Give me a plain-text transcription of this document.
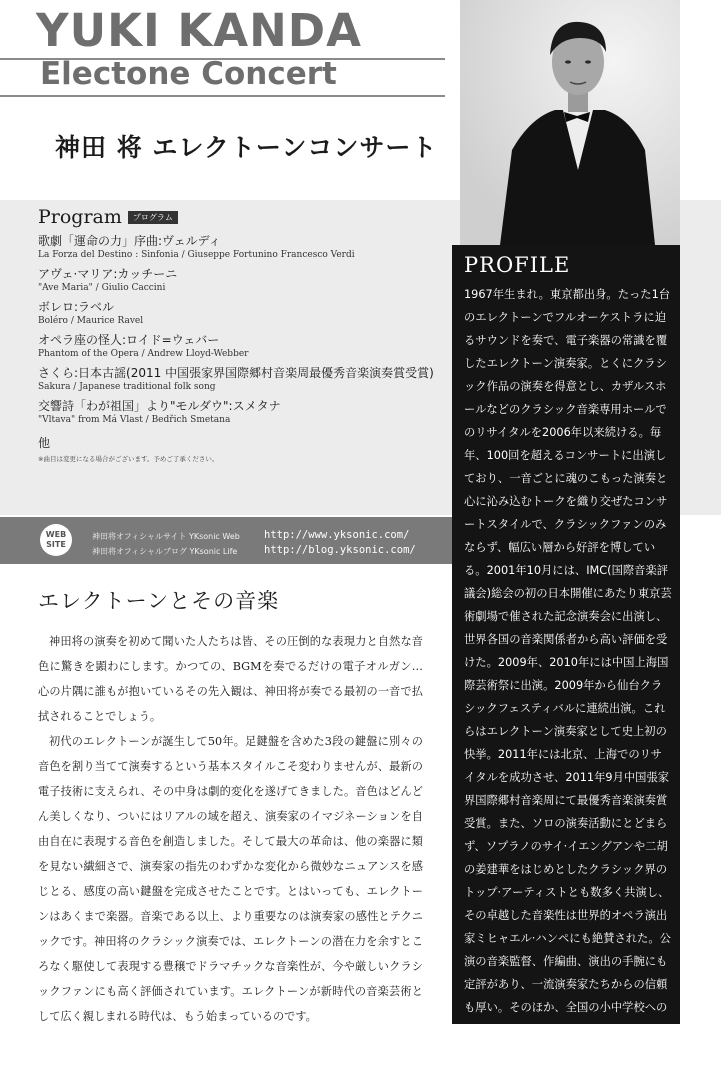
YUKI KANDA
Electone Concert
神田 将 エレクトーンコンサート
Program	プログラム
歌劇「運命の力」序曲:ヴェルディ
La Forza del Destino : Sinfonia / Giuseppe Fortunino Francesco Verdi
アヴェ·マリア:カッチーニ
"Ave Maria" / Giulio Caccini
ボレロ:ラベル
Boléro / Maurice Ravel
オペラ座の怪人:ロイド=ウェバー
Phantom of the Opera / Andrew Lloyd-Webber
さくら:日本古謡(2011 中国張家界国際郷村音楽周最優秀音楽演奏賞受賞)
Sakura / Japanese traditional folk song
交響詩「わが祖国」より"モルダウ":スメタナ
"Vltava" from Má Vlast / Bedřich Smetana
他
※曲目は変更になる場合がございます。予めご了承ください。
WEB
SITE
神田将オフィシャルサイト YKsonic Web http://www.yksonic.com/
神田将オフィシャルブログ YKsonic Life	http://blog.yksonic.com/
PROFILE
1967年生まれ。東京都出身。たった1台のエレクトーンでフルオーケストラに迫るサウンドを奏で、電子楽器の常識を覆したエレクトーン演奏家。とくにクラシック作品の演奏を得意とし、カザルスホールなどのクラシック音楽専用ホールでのリサイタルを2006年以来続ける。毎年、100回を超えるコンサートに出演しており、一音ごとに魂のこもった演奏と心に沁み込むトークを織り交ぜたコンサートスタイルで、クラシックファンのみならず、幅広い層から好評を博している。2001年10月には、IMC(国際音楽評議会)総会の初の日本開催にあたり東京芸術劇場で催された記念演奏会に出演し、世界各国の音楽関係者から高い評価を受けた。2009年、2010年には中国上海国際芸術祭に出演。2009年から仙台クラシックフェスティバルに連続出演。これらはエレクトーン演奏家として史上初の快挙。2011年には北京、上海でのリサイタルを成功させ、2011年9月中国張家界国際郷村音楽周にて最優秀音楽演奏賞受賞。また、ソロの演奏活動にとどまらず、ソプラノのサイ·イエングアンや二胡の姜建華をはじめとしたクラシック界のトップ·アーティストとも数多く共演し、その卓越した音楽性は世界的オペラ演出家ミヒャエル·ハンペにも絶賛された。公演の音楽監督、作編曲、演出の手腕にも定評があり、一流演奏家たちからの信頼も厚い。そのほか、全国の小中学校への訪問コンサートを通じ、子供たちに音楽の真価を伝えるための活動も積極的に行なっている。
エレクトーンとその音楽

神田将の演奏を初めて聞いた人たちは皆、その圧倒的な表現力と自然な音色に驚きを顕わにします。かつての、BGMを奏でるだけの電子オルガン…心の片隅に誰もが抱いているその先入観は、神田将が奏でる最初の一音で払拭されることでしょう。

初代のエレクトーンが誕生して50年。足鍵盤を含めた3段の鍵盤に別々の音色を割り当てて演奏するという基本スタイルこそ変わりませんが、最新の電子技術に支えられ、その中身は劇的変化を遂げてきました。音色はどんどん美しくなり、ついにはリアルの域を超え、演奏家のイマジネーションを自由自在に表現する音色を創造しました。そして最大の革命は、他の楽器に類を見ない繊細さで、演奏家の指先のわずかな変化から微妙なニュアンスを感じとる、感度の高い鍵盤を完成させたことです。とはいっても、エレクトーンはあくまで楽器。音楽である以上、より重要なのは演奏家の感性とテクニックです。神田将のクラシック演奏では、エレクトーンの潜在力を余すところなく駆使して表現する豊穣でドラマチックな音楽性が、今や厳しいクラシックファンにも高く評価されています。エレクトーンが新時代の音楽芸術として広く親しまれる時代は、もう始まっているのです。
